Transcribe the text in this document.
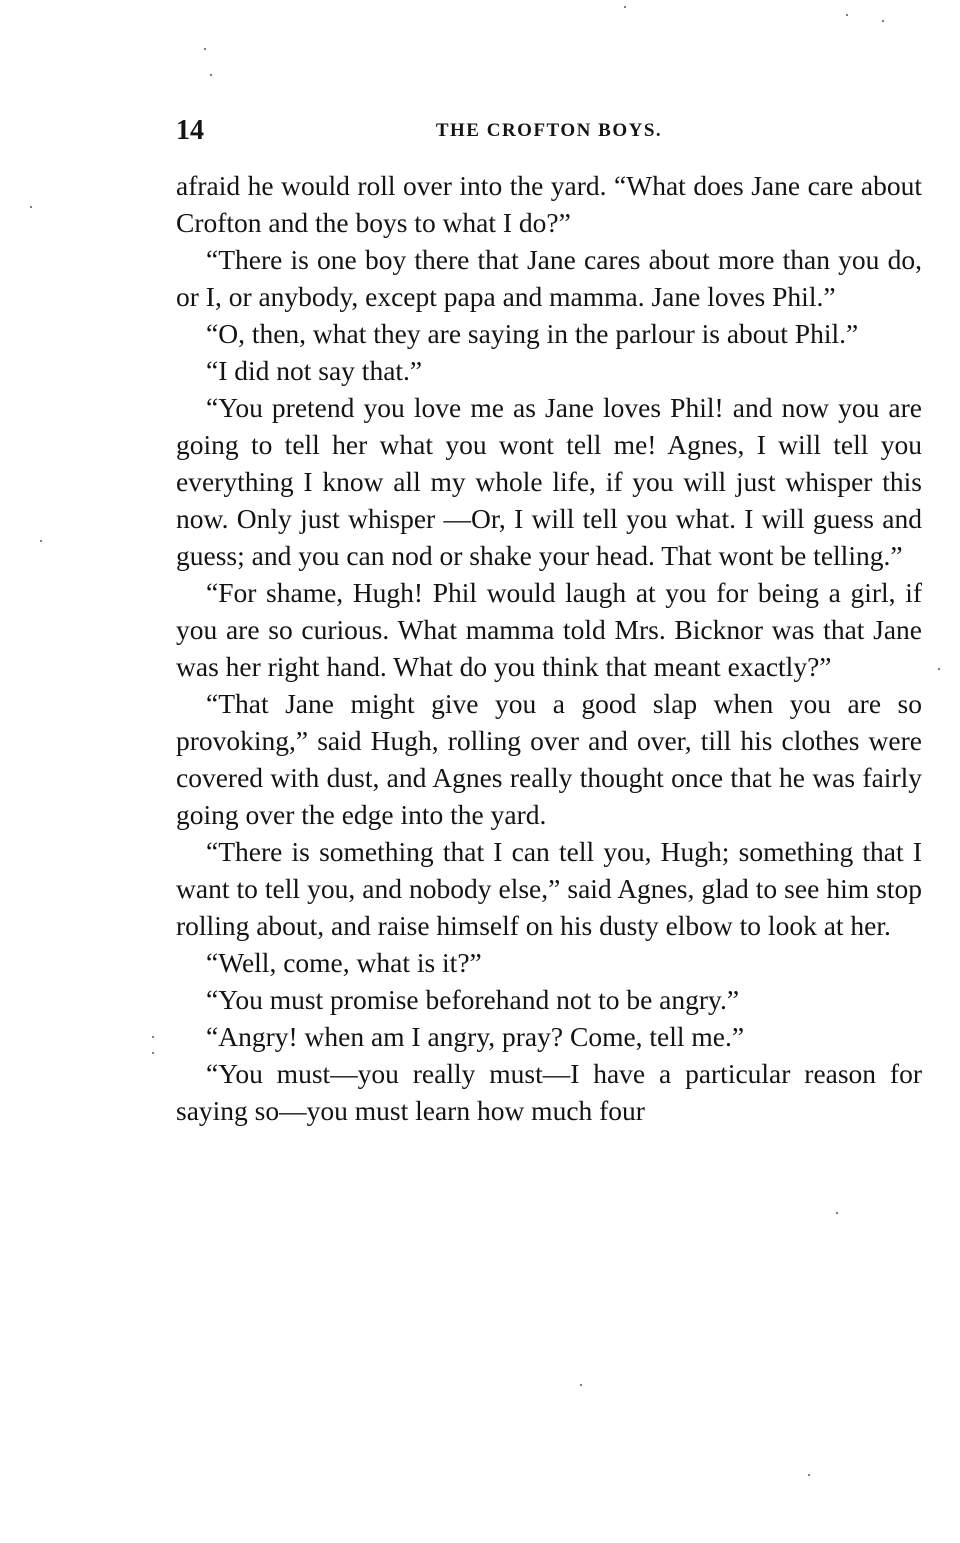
14	THE CROFTON BOYS.

afraid he would roll over into the yard. “What does Jane care about Crofton and the boys to what I do?”

“There is one boy there that Jane cares about more than you do, or I, or anybody, except papa and mamma. Jane loves Phil.”

“O, then, what they are saying in the parlour is about Phil.”

“I did not say that.”

“You pretend you love me as Jane loves Phil! and now you are going to tell her what you wont tell me! Agnes, I will tell you everything I know all my whole life, if you will just whisper this now. Only just whisper —Or, I will tell you what. I will guess and guess; and you can nod or shake your head. That wont be telling.”

“For shame, Hugh! Phil would laugh at you for being a girl, if you are so curious. What mamma told Mrs. Bicknor was that Jane was her right hand. What do you think that meant exactly?”

“That Jane might give you a good slap when you are so provoking,” said Hugh, rolling over and over, till his clothes were covered with dust, and Agnes really thought once that he was fairly going over the edge into the yard.

“There is something that I can tell you, Hugh; something that I want to tell you, and nobody else,” said Agnes, glad to see him stop rolling about, and raise himself on his dusty elbow to look at her.

“Well, come, what is it?”

“You must promise beforehand not to be angry.”

“Angry! when am I angry, pray? Come, tell me.”

“You must—you really must—I have a particular reason for saying so—you must learn how much four
